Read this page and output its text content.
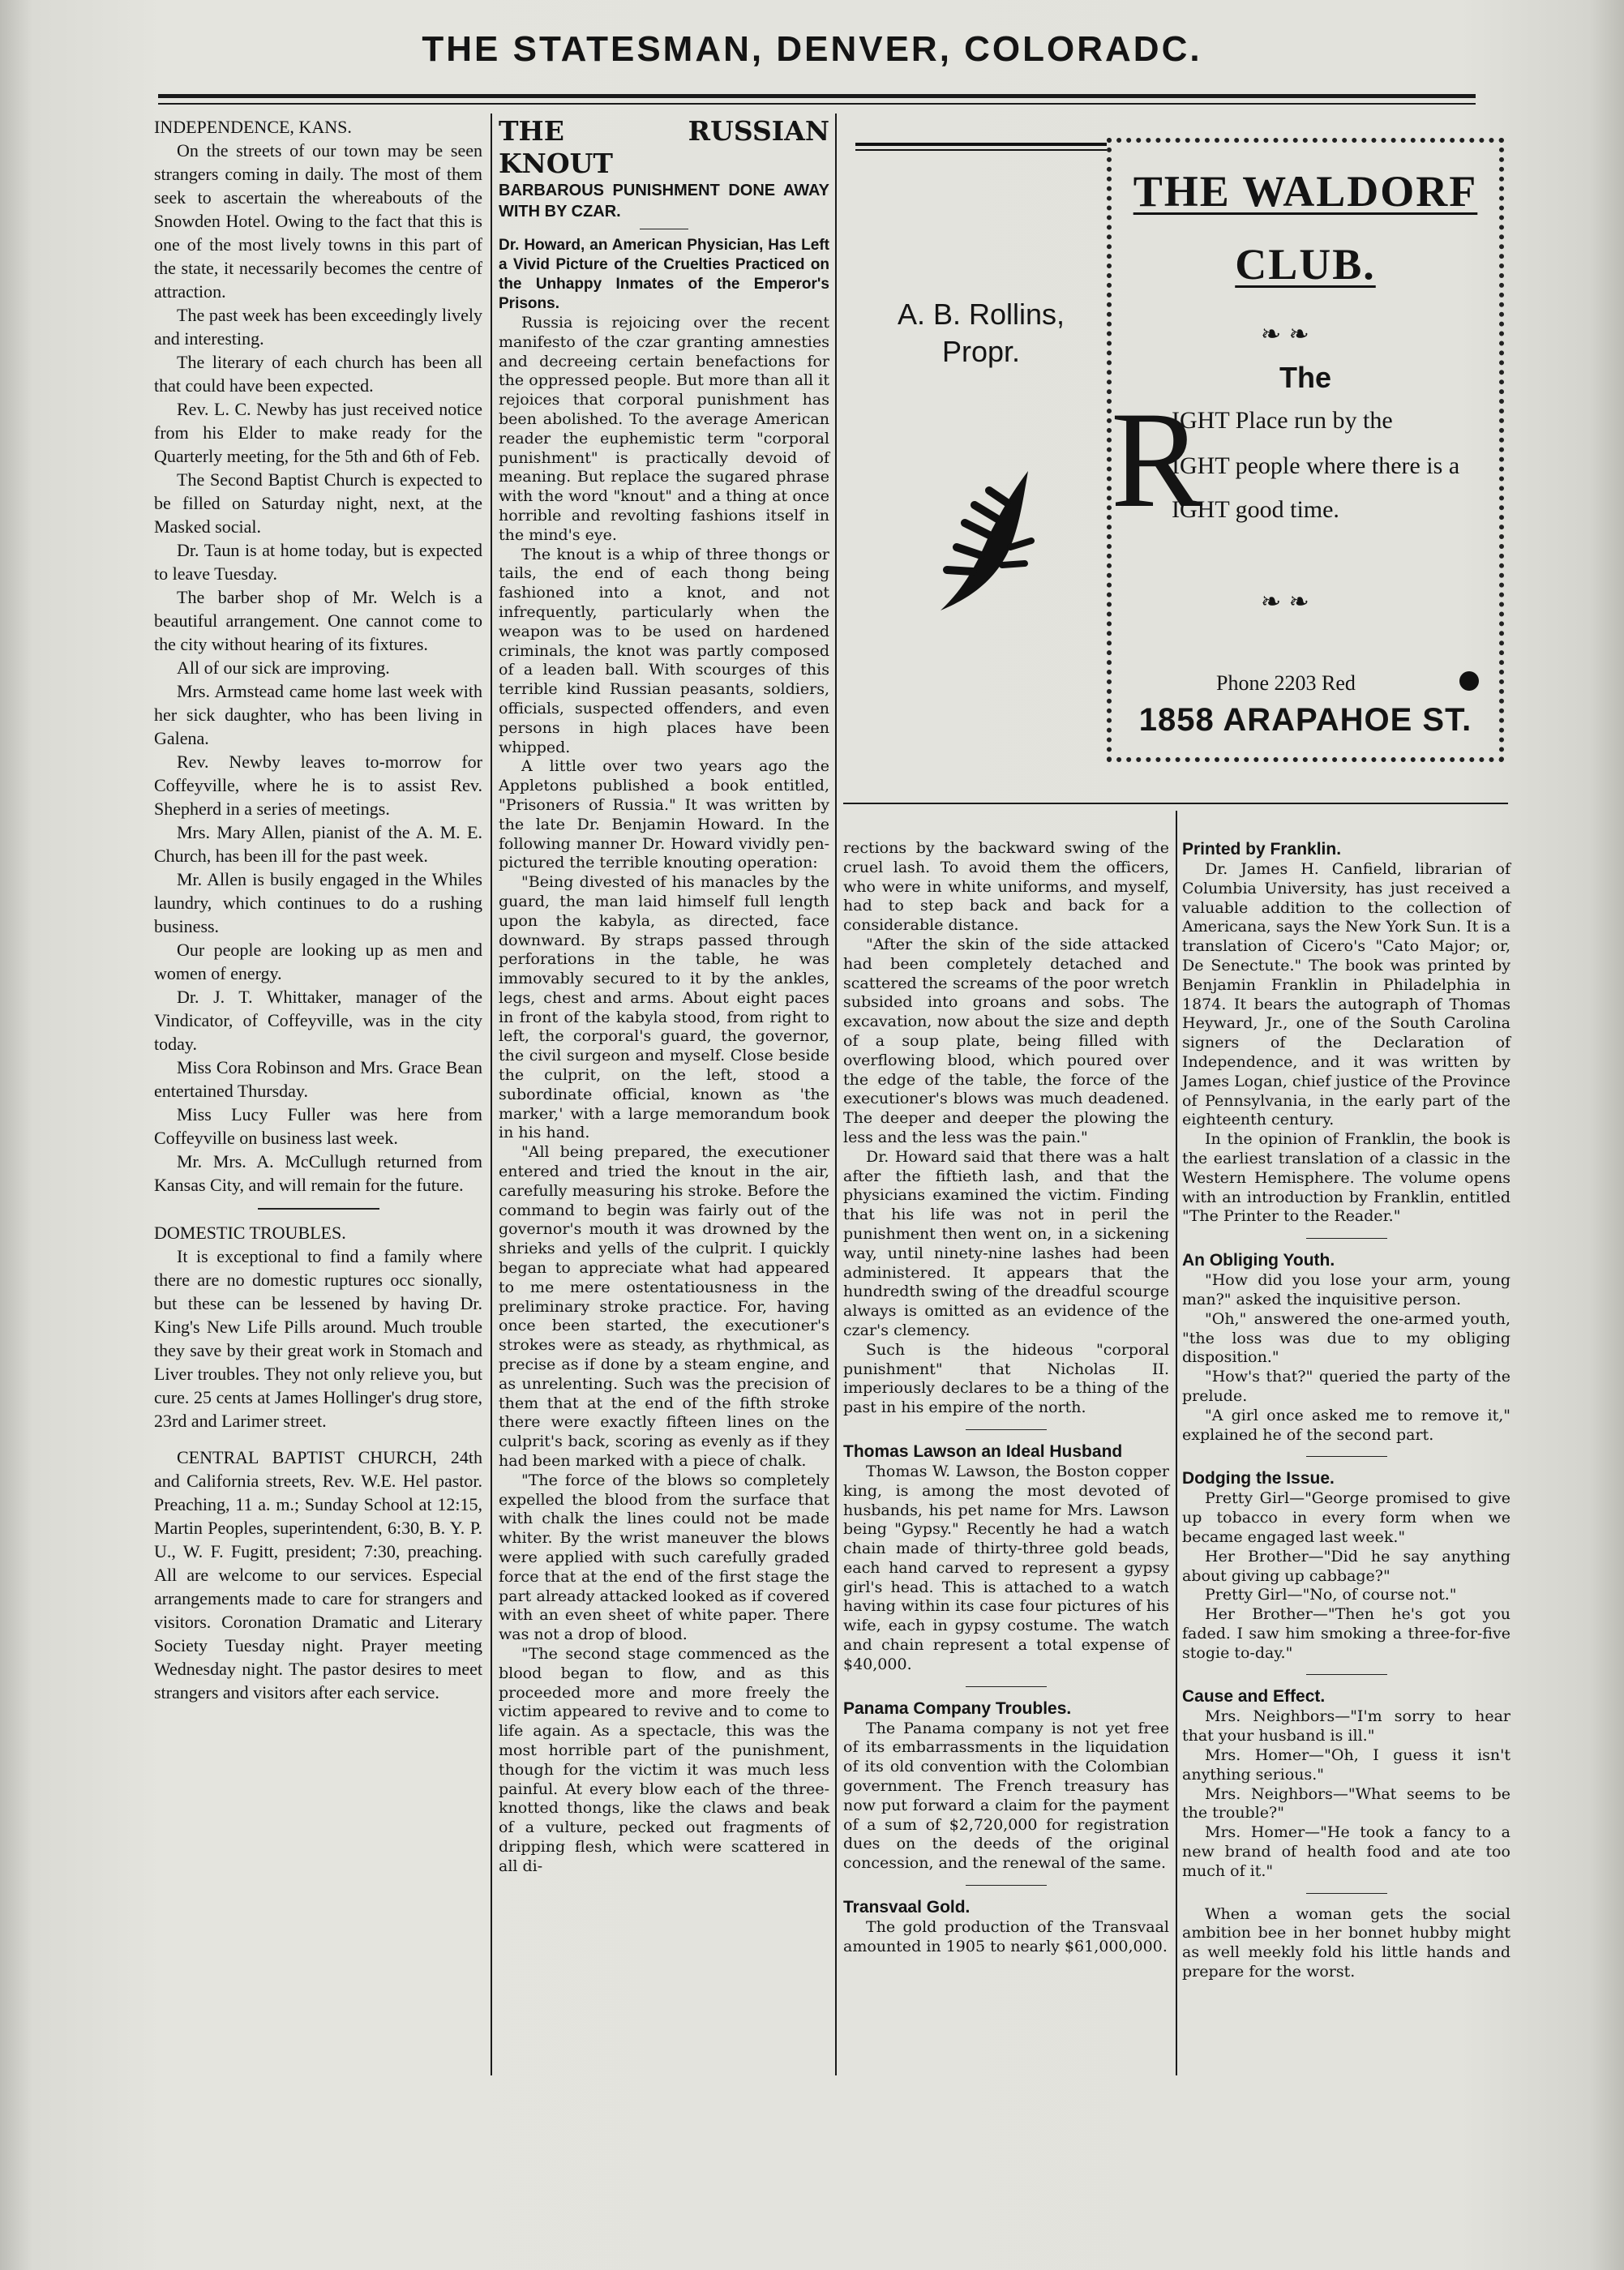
THE STATESMAN, DENVER, COLORADC.

INDEPENDENCE, KANS.

On the streets of our town may be seen strangers coming in daily. The most of them seek to ascertain the whereabouts of the Snowden Hotel. Owing to the fact that this is one of the most lively towns in this part of the state, it necessarily becomes the centre of attraction.

The past week has been exceedingly lively and interesting.

The literary of each church has been all that could have been expected.

Rev. L. C. Newby has just received notice from his Elder to make ready for the Quarterly meeting, for the 5th and 6th of Feb.

The Second Baptist Church is expected to be filled on Saturday night, next, at the Masked social.

Dr. Taun is at home today, but is expected to leave Tuesday.

The barber shop of Mr. Welch is a beautiful arrangement. One cannot come to the city without hearing of its fixtures.

All of our sick are improving.

Mrs. Armstead came home last week with her sick daughter, who has been living in Galena.

Rev. Newby leaves to-morrow for Coffeyville, where he is to assist Rev. Shepherd in a series of meetings.

Mrs. Mary Allen, pianist of the A. M. E. Church, has been ill for the past week.

Mr. Allen is busily engaged in the Whiles laundry, which continues to do a rushing business.

Our people are looking up as men and women of energy.

Dr. J. T. Whittaker, manager of the Vindicator, of Coffeyville, was in the city today.

Miss Cora Robinson and Mrs. Grace Bean entertained Thursday.

Miss Lucy Fuller was here from Coffeyville on business last week.

Mr. Mrs. A. McCullugh returned from Kansas City, and will remain for the future.

DOMESTIC TROUBLES.

It is exceptional to find a family where there are no domestic ruptures occ sionally, but these can be lessened by having Dr. King's New Life Pills around. Much trouble they save by their great work in Stomach and Liver troubles. They not only relieve you, but cure. 25 cents at James Hollinger's drug store, 23rd and Larimer street.

CENTRAL BAPTIST CHURCH, 24th and California streets, Rev. W.E. Hel pastor. Preaching, 11 a. m.; Sunday School at 12:15, Martin Peoples, superintendent, 6:30, B. Y. P. U., W. F. Fugitt, president; 7:30, preaching. All are welcome to our services. Especial arrangements made to care for strangers and visitors. Coronation Dramatic and Literary Society Tuesday night. Prayer meeting Wednesday night. The pastor desires to meet strangers and visitors after each service.

THE RUSSIAN KNOUT

BARBAROUS PUNISHMENT DONE AWAY WITH BY CZAR.

Dr. Howard, an American Physician, Has Left a Vivid Picture of the Cruelties Practiced on the Unhappy Inmates of the Emperor's Prisons.

Russia is rejoicing over the recent manifesto of the czar granting amnesties and decreeing certain benefactions for the oppressed people. But more than all it rejoices that corporal punishment has been abolished. To the average American reader the euphemistic term "corporal punishment" is practically devoid of meaning. But replace the sugared phrase with the word "knout" and a thing at once horrible and revolting fashions itself in the mind's eye.

The knout is a whip of three thongs or tails, the end of each thong being fashioned into a knot, and not infrequently, particularly when the weapon was to be used on hardened criminals, the knot was partly composed of a leaden ball. With scourges of this terrible kind Russian peasants, soldiers, officials, suspected offenders, and even persons in high places have been whipped.

A little over two years ago the Appletons published a book entitled, "Prisoners of Russia." It was written by the late Dr. Benjamin Howard. In the following manner Dr. Howard vividly pen-pictured the terrible knouting operation:

"Being divested of his manacles by the guard, the man laid himself full length upon the kabyla, as directed, face downward. By straps passed through perforations in the table, he was immovably secured to it by the ankles, legs, chest and arms. About eight paces in front of the kabyla stood, from right to left, the corporal's guard, the governor, the civil surgeon and myself. Close beside the culprit, on the left, stood a subordinate official, known as 'the marker,' with a large memorandum book in his hand.

"All being prepared, the executioner entered and tried the knout in the air, carefully measuring his stroke. Before the command to begin was fairly out of the governor's mouth it was drowned by the shrieks and yells of the culprit. I quickly began to appreciate what had appeared to me mere ostentatiousness in the preliminary stroke practice. For, having once been started, the executioner's strokes were as steady, as rhythmical, as precise as if done by a steam engine, and as unrelenting. Such was the precision of them that at the end of the fifth stroke there were exactly fifteen lines on the culprit's back, scoring as evenly as if they had been marked with a piece of chalk.

"The force of the blows so completely expelled the blood from the surface that with chalk the lines could not be made whiter. By the wrist maneuver the blows were applied with such carefully graded force that at the end of the first stage the part already attacked looked as if covered with an even sheet of white paper. There was not a drop of blood.

"The second stage commenced as the blood began to flow, and as this proceeded more and more freely the victim appeared to revive and to come to life again. As a spectacle, this was the most horrible part of the punishment, though for the victim it was much less painful. At every blow each of the three-knotted thongs, like the claws and beak of a vulture, pecked out fragments of dripping flesh, which were scattered in all di-

THE WALDORF
CLUB.
❧ ❧
The
R
IGHT Place run by the
IGHT people where there is a
IGHT good time.
❧ ❧
A. B. Rollins,
Propr.
Phone 2203 Red
1858 ARAPAHOE ST.

rections by the backward swing of the cruel lash. To avoid them the officers, who were in white uniforms, and myself, had to step back and back for a considerable distance.

"After the skin of the side attacked had been completely detached and scattered the screams of the poor wretch subsided into groans and sobs. The excavation, now about the size and depth of a soup plate, being filled with overflowing blood, which poured over the edge of the table, the force of the executioner's blows was much deadened. The deeper and deeper the plowing the less and the less was the pain."

Dr. Howard said that there was a halt after the fiftieth lash, and that the physicians examined the victim. Finding that his life was not in peril the punishment then went on, in a sickening way, until ninety-nine lashes had been administered. It appears that the hundredth swing of the dreadful scourge always is omitted as an evidence of the czar's clemency.

Such is the hideous "corporal punishment" that Nicholas II. imperiously declares to be a thing of the past in his empire of the north.

Thomas Lawson an Ideal Husband

Thomas W. Lawson, the Boston copper king, is among the most devoted of husbands, his pet name for Mrs. Lawson being "Gypsy." Recently he had a watch chain made of thirty-three gold beads, each hand carved to represent a gypsy girl's head. This is attached to a watch having within its case four pictures of his wife, each in gypsy costume. The watch and chain represent a total expense of $40,000.

Panama Company Troubles.

The Panama company is not yet free of its embarrassments in the liquidation of its old convention with the Colombian government. The French treasury has now put forward a claim for the payment of a sum of $2,720,000 for registration dues on the deeds of the original concession, and the renewal of the same.

Transvaal Gold.

The gold production of the Transvaal amounted in 1905 to nearly $61,000,000.

Printed by Franklin.

Dr. James H. Canfield, librarian of Columbia University, has just received a valuable addition to the collection of Americana, says the New York Sun. It is a translation of Cicero's "Cato Major; or, De Senectute." The book was printed by Benjamin Franklin in Philadelphia in 1874. It bears the autograph of Thomas Heyward, Jr., one of the South Carolina signers of the Declaration of Independence, and it was written by James Logan, chief justice of the Province of Pennsylvania, in the early part of the eighteenth century.

In the opinion of Franklin, the book is the earliest translation of a classic in the Western Hemisphere. The volume opens with an introduction by Franklin, entitled "The Printer to the Reader."

An Obliging Youth.

"How did you lose your arm, young man?" asked the inquisitive person.

"Oh," answered the one-armed youth, "the loss was due to my obliging disposition."

"How's that?" queried the party of the prelude.

"A girl once asked me to remove it," explained he of the second part.

Dodging the Issue.

Pretty Girl—"George promised to give up tobacco in every form when we became engaged last week."

Her Brother—"Did he say anything about giving up cabbage?"

Pretty Girl—"No, of course not."

Her Brother—"Then he's got you faded. I saw him smoking a three-for-five stogie to-day."

Cause and Effect.

Mrs. Neighbors—"I'm sorry to hear that your husband is ill."

Mrs. Homer—"Oh, I guess it isn't anything serious."

Mrs. Neighbors—"What seems to be the trouble?"

Mrs. Homer—"He took a fancy to a new brand of health food and ate too much of it."

When a woman gets the social ambition bee in her bonnet hubby might as well meekly fold his little hands and prepare for the worst.
